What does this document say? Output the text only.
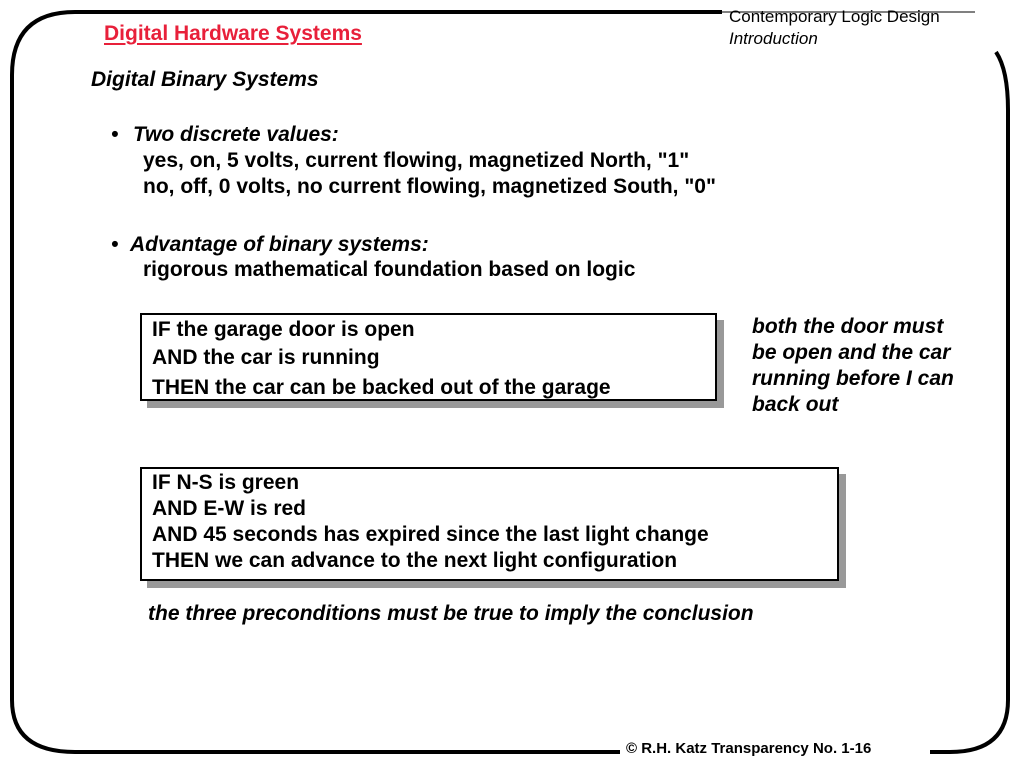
Digital Hardware Systems
Contemporary Logic Design
Introduction
Digital Binary Systems
• Two discrete values:
yes, on, 5 volts, current flowing, magnetized North, "1"
no, off, 0 volts, no current flowing, magnetized South, "0"
• Advantage of binary systems:
rigorous mathematical foundation based on logic
IF the garage door is open
AND the car is running
THEN the car can be backed out of the garage
both the door must
be open and the car
running before I can
back out
IF N-S is green
AND E-W is red
AND 45 seconds has expired since the last light change
THEN we can advance to the next light configuration
the three preconditions must be true to imply the conclusion
© R.H. Katz Transparency No. 1-16
